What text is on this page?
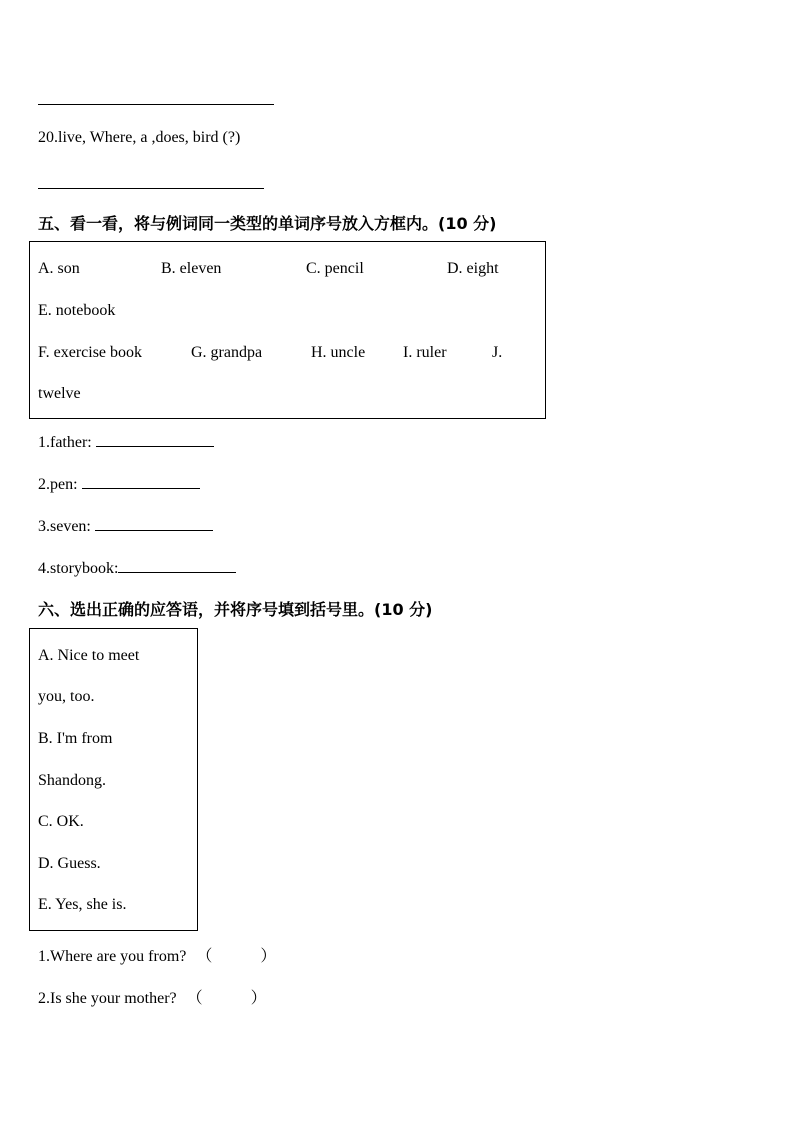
20.live, Where, a ,does, bird (?)
五、看一看，将与例词同一类型的单词序号放入方框内。(10 分)
A. son	B. eleven	C. pencil	D. eight
E. notebook
F. exercise book	G. grandpa	H. uncle I. ruler	J.
twelve
1.father:
2.pen:
3.seven:
4.storybook:
六、选出正确的应答语，并将序号填到括号里。(10 分)
A. Nice to meet
you, too.
B. I'm from
Shandong.
C. OK.
D. Guess.
E. Yes, she is.
1.Where are you from? （　　　）
2.Is she your mother? （　　　）
